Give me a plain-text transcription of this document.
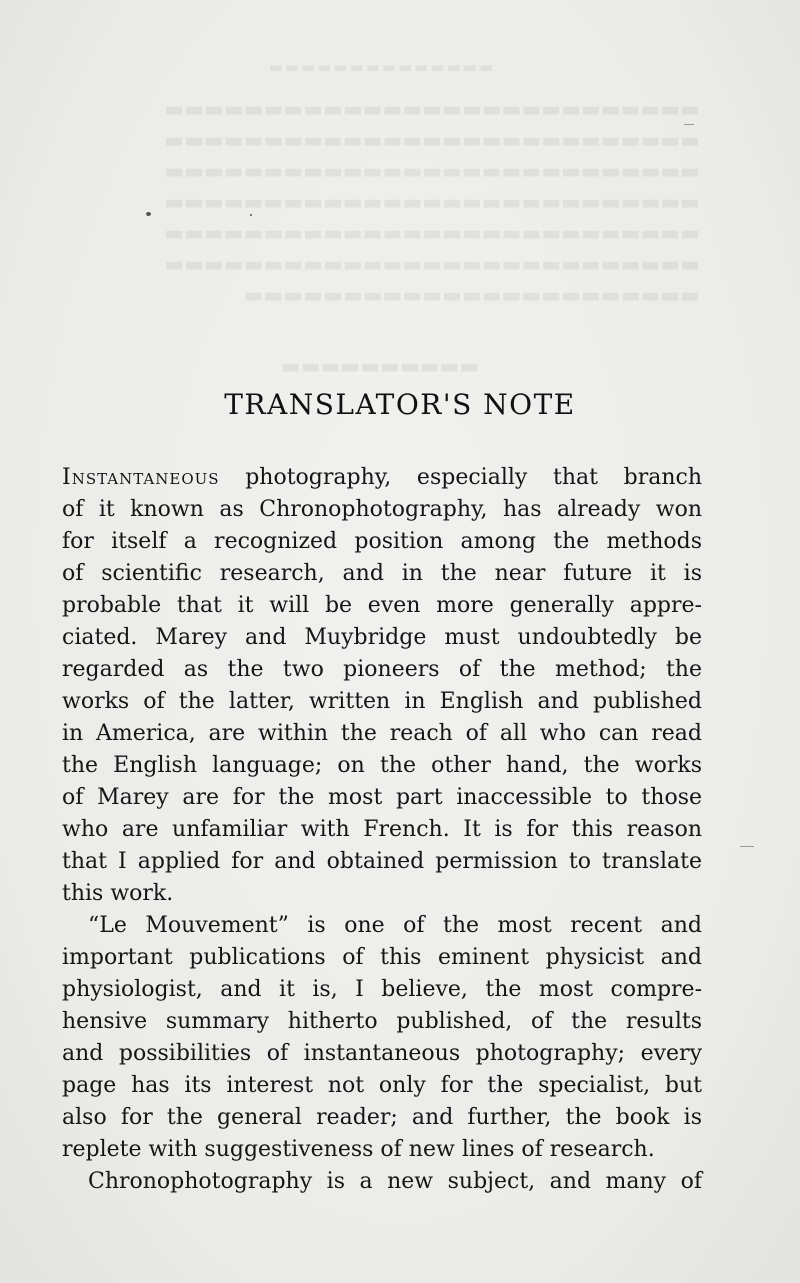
▬▬▬▬▬▬▬▬▬▬▬▬▬▬
▬▬▬▬▬▬▬▬▬▬▬▬▬▬▬▬▬▬▬▬▬▬▬▬▬▬▬
▬▬▬▬▬▬▬▬▬▬▬▬▬▬▬▬▬▬▬▬▬▬▬▬▬▬▬
▬▬▬▬▬▬▬▬▬▬▬▬▬▬▬▬▬▬▬▬▬▬▬▬▬▬▬
▬▬▬▬▬▬▬▬▬▬▬▬▬▬▬▬▬▬▬▬▬▬▬▬▬▬▬
▬▬▬▬▬▬▬▬▬▬▬▬▬▬▬▬▬▬▬▬▬▬▬▬▬▬▬
▬▬▬▬▬▬▬▬▬▬▬▬▬▬▬▬▬▬▬▬▬▬▬▬▬▬▬
▬▬▬▬▬▬▬▬▬▬▬▬▬▬▬▬▬▬▬▬▬▬▬
▬▬▬▬▬▬▬▬▬▬
TRANSLATOR'S NOTE
Instantaneous photography, especially that branch
of it known as Chronophotography, has already won
for itself a recognized position among the methods
of scientific research, and in the near future it is
probable that it will be even more generally appre-
ciated. Marey and Muybridge must undoubtedly be
regarded as the two pioneers of the method; the
works of the latter, written in English and published
in America, are within the reach of all who can read
the English language; on the other hand, the works
of Marey are for the most part inaccessible to those
who are unfamiliar with French. It is for this reason
that I applied for and obtained permission to translate
this work.
“Le Mouvement” is one of the most recent and
important publications of this eminent physicist and
physiologist, and it is, I believe, the most compre-
hensive summary hitherto published, of the results
and possibilities of instantaneous photography; every
page has its interest not only for the specialist, but
also for the general reader; and further, the book is
replete with suggestiveness of new lines of research.
Chronophotography is a new subject, and many of
